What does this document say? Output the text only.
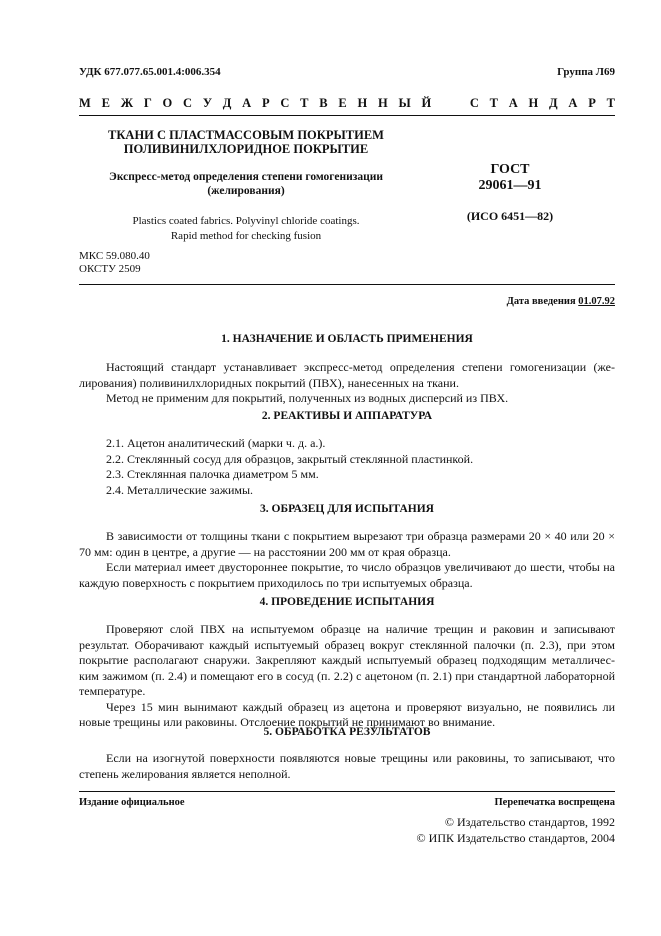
УДК 677.077.65.001.4:006.354	Группа Л69
М Е Ж Г О С У Д А Р С Т В Е Н Н Ы Й

	С Т А Н Д А Р Т
ТКАНИ С ПЛАСТМАССОВЫМ ПОКРЫТИЕМ
ПОЛИВИНИЛХЛОРИДНОЕ ПОКРЫТИЕ
Экспресс-метод определения степени гомогенизации
(желирования)
Plastics coated fabrics. Polyvinyl chloride coatings.
Rapid method for checking fusion
ГОСТ
29061—91
(ИСО 6451—82)
МКС 59.080.40
ОКСТУ 2509
Дата введения 01.07.92
1. НАЗНАЧЕНИЕ И ОБЛАСТЬ ПРИМЕНЕНИЯ

Настоящий стандарт устанавливает экспресс-метод определения степени гомогенизации (же-лирования) поливинилхлоридных покрытий (ПВХ), нанесенных на ткани.

Метод не применим для покрытий, полученных из водных дисперсий из ПВХ.

2. РЕАКТИВЫ И АППАРАТУРА
2.1. Ацетон аналитический (марки ч. д. а.).
2.2. Стеклянный сосуд для образцов, закрытый стеклянной пластинкой.
2.3. Стеклянная палочка диаметром 5 мм.
2.4. Металлические зажимы.
3. ОБРАЗЕЦ ДЛЯ ИСПЫТАНИЯ

В зависимости от толщины ткани с покрытием вырезают три образца размерами 20 × 40 или 20 × 70 мм: один в центре, а другие — на расстоянии 200 мм от края образца.

Если материал имеет двустороннее покрытие, то число образцов увеличивают до шести, чтобы на каждую поверхность с покрытием приходилось по три испытуемых образца.

4. ПРОВЕДЕНИЕ ИСПЫТАНИЯ

Проверяют слой ПВХ на испытуемом образце на наличие трещин и раковин и записывают результат. Оборачивают каждый испытуемый образец вокруг стеклянной палочки (п. 2.3), при этом покрытие располагают снаружи. Закрепляют каждый испытуемый образец подходящим металличес-ким зажимом (п. 2.4) и помещают его в сосуд (п. 2.2) с ацетоном (п. 2.1) при стандартной лабораторной температуре.

Через 15 мин вынимают каждый образец из ацетона и проверяют визуально, не появились ли новые трещины или раковины. Отслоение покрытий не принимают во внимание.

5. ОБРАБОТКА РЕЗУЛЬТАТОВ

Если на изогнутой поверхности появляются новые трещины или раковины, то записывают, что степень желирования является неполной.

Издание официальное	Перепечатка воспрещена
© Издательство стандартов, 1992
© ИПК Издательство стандартов, 2004
